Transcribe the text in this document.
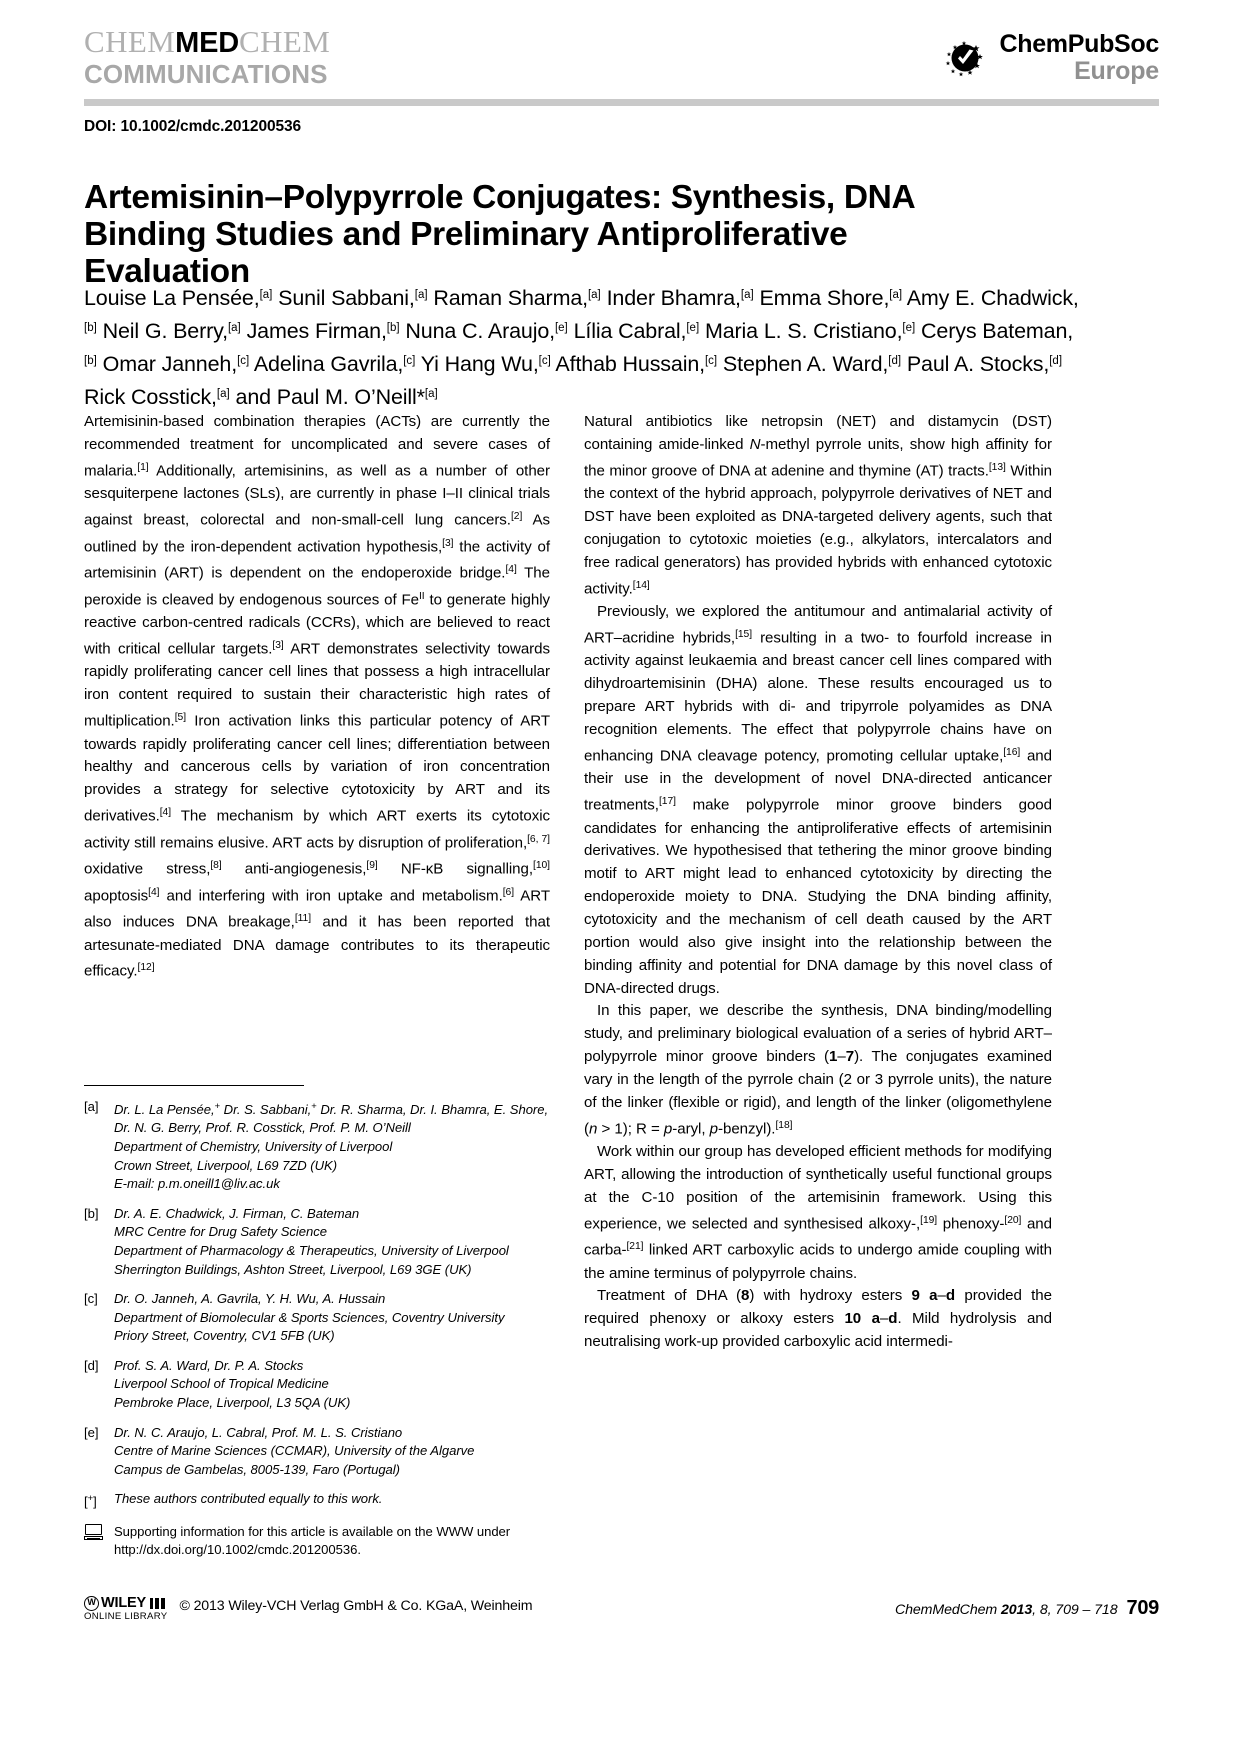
CHEMMEDCHEM
COMMUNICATIONS
ChemPubSoc
Europe
DOI: 10.1002/cmdc.201200536
Artemisinin–Polypyrrole Conjugates: Synthesis, DNA Binding Studies and Preliminary Antiproliferative Evaluation
Louise La Pensée,[a] Sunil Sabbani,[a] Raman Sharma,[a] Inder Bhamra,[a] Emma Shore,[a] Amy E. Chadwick,[b] Neil G. Berry,[a] James Firman,[b] Nuna C. Araujo,[e] Lília Cabral,[e] Maria L. S. Cristiano,[e] Cerys Bateman,[b] Omar Janneh,[c] Adelina Gavrila,[c] Yi Hang Wu,[c] Afthab Hussain,[c] Stephen A. Ward,[d] Paul A. Stocks,[d] Rick Cosstick,[a] and Paul M. O’Neill*[a]

Artemisinin-based combination therapies (ACTs) are currently the recommended treatment for uncomplicated and severe cases of malaria.[1] Additionally, artemisinins, as well as a number of other sesquiterpene lactones (SLs), are currently in phase I–II clinical trials against breast, colorectal and non-small-cell lung cancers.[2] As outlined by the iron-dependent activation hypothesis,[3] the activity of artemisinin (ART) is dependent on the endoperoxide bridge.[4] The peroxide is cleaved by endogenous sources of $Fe^{II}$ to generate highly reactive carbon-centred radicals (CCRs), which are believed to react with critical cellular targets.[3] ART demonstrates selectivity towards rapidly proliferating cancer cell lines that possess a high intracellular iron content required to sustain their characteristic high rates of multiplication.[5] Iron activation links this particular potency of ART towards rapidly proliferating cancer cell lines; differentiation between healthy and cancerous cells by variation of iron concentration provides a strategy for selective cytotoxicity by ART and its derivatives.[4] The mechanism by which ART exerts its cytotoxic activity still remains elusive. ART acts by disruption of proliferation,[6, 7] oxidative stress,[8] anti-angiogenesis,[9] NF-κB signalling,[10] apoptosis[4] and interfering with iron uptake and metabolism.[6] ART also induces DNA breakage,[11] and it has been reported that artesunate-mediated DNA damage contributes to its therapeutic efficacy.[12]

Natural antibiotics like netropsin (NET) and distamycin (DST) containing amide-linked N-methyl pyrrole units, show high affinity for the minor groove of DNA at adenine and thymine (AT) tracts.[13] Within the context of the hybrid approach, polypyrrole derivatives of NET and DST have been exploited as DNA-targeted delivery agents, such that conjugation to cytotoxic moieties (e.g., alkylators, intercalators and free radical generators) has provided hybrids with enhanced cytotoxic activity.[14]

Previously, we explored the antitumour and antimalarial activity of ART–acridine hybrids,[15] resulting in a two- to fourfold increase in activity against leukaemia and breast cancer cell lines compared with dihydroartemisinin (DHA) alone. These results encouraged us to prepare ART hybrids with di- and tripyrrole polyamides as DNA recognition elements. The effect that polypyrrole chains have on enhancing DNA cleavage potency, promoting cellular uptake,[16] and their use in the development of novel DNA-directed anticancer treatments,[17] make polypyrrole minor groove binders good candidates for enhancing the antiproliferative effects of artemisinin derivatives. We hypothesised that tethering the minor groove binding motif to ART might lead to enhanced cytotoxicity by directing the endoperoxide moiety to DNA. Studying the DNA binding affinity, cytotoxicity and the mechanism of cell death caused by the ART portion would also give insight into the relationship between the binding affinity and potential for DNA damage by this novel class of DNA-directed drugs.

In this paper, we describe the synthesis, DNA binding/modelling study, and preliminary biological evaluation of a series of hybrid ART–polypyrrole minor groove binders (1–7). The conjugates examined vary in the length of the pyrrole chain (2 or 3 pyrrole units), the nature of the linker (flexible or rigid), and length of the linker (oligomethylene (n > 1); R = p-aryl, p-benzyl).[18]

Work within our group has developed efficient methods for modifying ART, allowing the introduction of synthetically useful functional groups at the C-10 position of the artemisinin framework. Using this experience, we selected and synthesised alkoxy-,[19] phenoxy-[20] and carba-[21] linked ART carboxylic acids to undergo amide coupling with the amine terminus of polypyrrole chains.

Treatment of DHA (8) with hydroxy esters 9 a–d provided the required phenoxy or alkoxy esters 10 a–d. Mild hydrolysis and neutralising work-up provided carboxylic acid intermedi-

[a]	Dr. L. La Pensée,+ Dr. S. Sabbani,+ Dr. R. Sharma, Dr. I. Bhamra, E. Shore,
Dr. N. G. Berry, Prof. R. Cosstick, Prof. P. M. O’Neill
Department of Chemistry, University of Liverpool
Crown Street, Liverpool, L69 7ZD (UK)
E-mail: p.m.oneill1@liv.ac.uk
[b]	Dr. A. E. Chadwick, J. Firman, C. Bateman
MRC Centre for Drug Safety Science
Department of Pharmacology & Therapeutics, University of Liverpool
Sherrington Buildings, Ashton Street, Liverpool, L69 3GE (UK)
[c]	Dr. O. Janneh, A. Gavrila, Y. H. Wu, A. Hussain
Department of Biomolecular & Sports Sciences, Coventry University
Priory Street, Coventry, CV1 5FB (UK)
[d]	Prof. S. A. Ward, Dr. P. A. Stocks
Liverpool School of Tropical Medicine
Pembroke Place, Liverpool, L3 5QA (UK)
[e]	Dr. N. C. Araujo, L. Cabral, Prof. M. L. S. Cristiano
Centre of Marine Sciences (CCMAR), University of the Algarve
Campus de Gambelas, 8005-139, Faro (Portugal)
[+]	These authors contributed equally to this work.
Supporting information for this article is available on the WWW under
http://dx.doi.org/10.1002/cmdc.201200536.
W WILEY
ONLINE LIBRARY
© 2013 Wiley-VCH Verlag GmbH & Co. KGaA, Weinheim	ChemMedChem 2013, 8, 709 – 718 709
